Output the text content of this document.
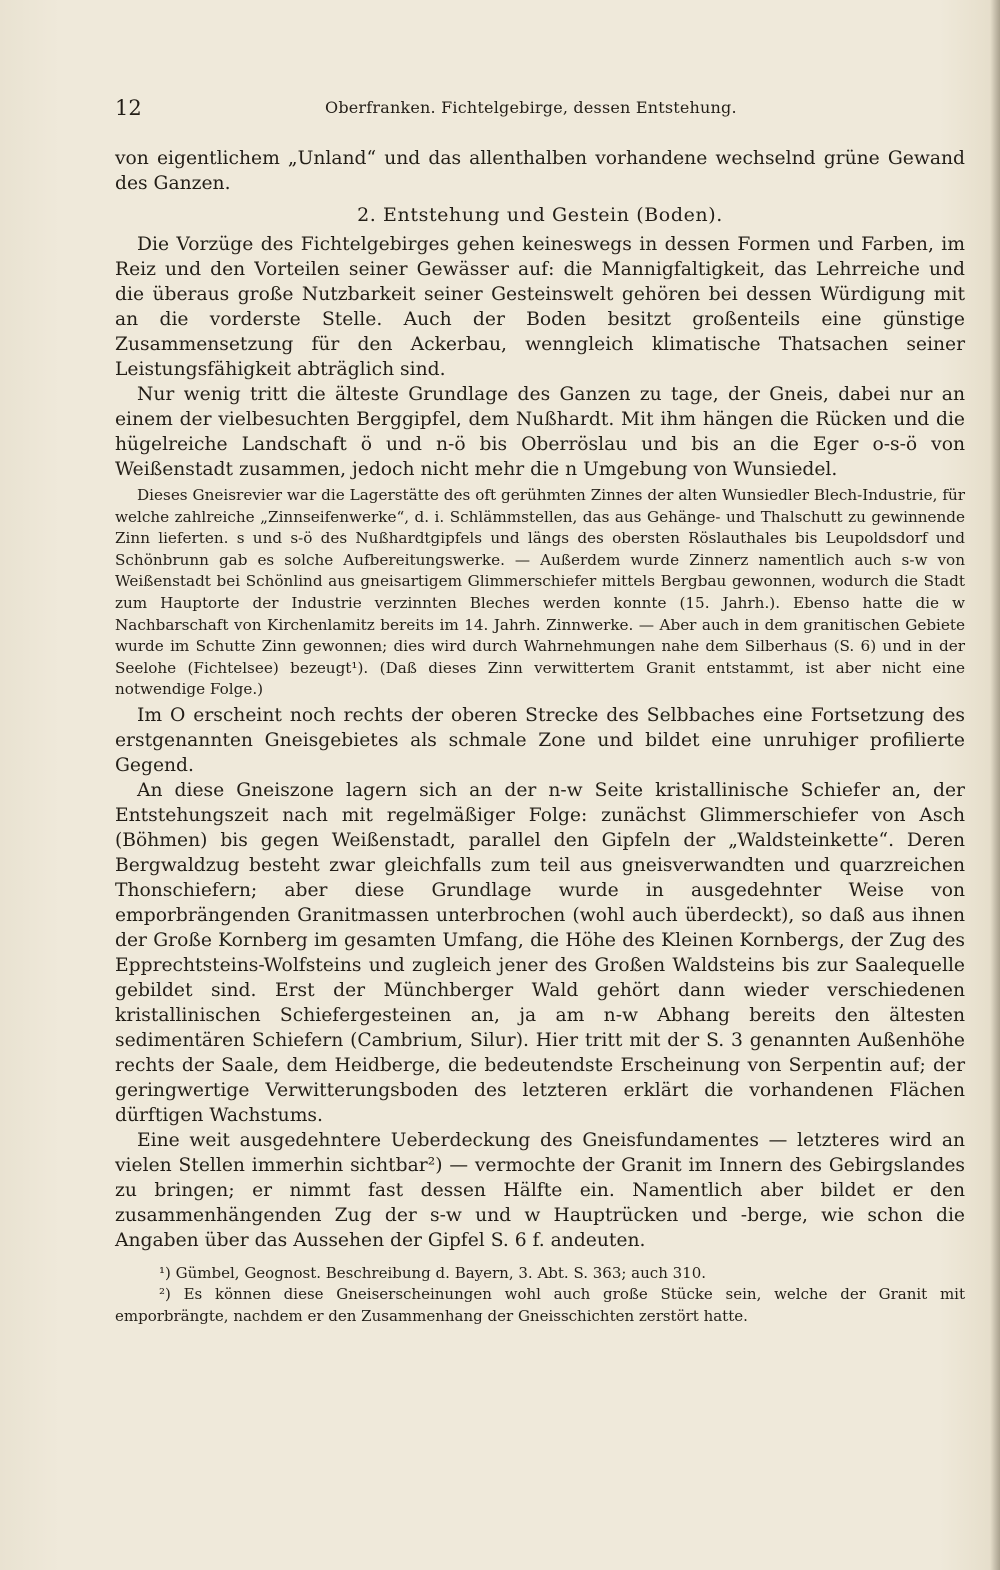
12	Oberfranken. Fichtelgebirge, dessen Entstehung.

von eigentlichem „Unland“ und das allenthalben vorhandene wechselnd grüne Gewand des Ganzen.

2. Entstehung und Gestein (Boden).

Die Vorzüge des Fichtelgebirges gehen keineswegs in dessen Formen und Farben, im Reiz und den Vorteilen seiner Gewässer auf: die Mannigfaltigkeit, das Lehrreiche und die überaus große Nutzbarkeit seiner Gesteinswelt gehören bei dessen Würdigung mit an die vorderste Stelle. Auch der Boden besitzt großenteils eine günstige Zusammensetzung für den Ackerbau, wenngleich klimatische Thatsachen seiner Leistungsfähigkeit abträglich sind.

Nur wenig tritt die älteste Grundlage des Ganzen zu tage, der Gneis, dabei nur an einem der vielbesuchten Berggipfel, dem Nußhardt. Mit ihm hängen die Rücken und die hügelreiche Landschaft ö und n-ö bis Oberröslau und bis an die Eger o-s-ö von Weißenstadt zusammen, jedoch nicht mehr die n Umgebung von Wunsiedel.

Dieses Gneisrevier war die Lagerstätte des oft gerühmten Zinnes der alten Wunsiedler Blech-Industrie, für welche zahlreiche „Zinnseifenwerke“, d. i. Schlämmstellen, das aus Gehänge- und Thalschutt zu gewinnende Zinn lieferten. s und s-ö des Nußhardtgipfels und längs des obersten Röslauthales bis Leupoldsdorf und Schönbrunn gab es solche Aufbereitungswerke. — Außerdem wurde Zinnerz namentlich auch s-w von Weißenstadt bei Schönlind aus gneisartigem Glimmerschiefer mittels Bergbau gewonnen, wodurch die Stadt zum Hauptorte der Industrie verzinnten Bleches werden konnte (15. Jahrh.). Ebenso hatte die w Nachbarschaft von Kirchenlamitz bereits im 14. Jahrh. Zinnwerke. — Aber auch in dem granitischen Gebiete wurde im Schutte Zinn gewonnen; dies wird durch Wahrnehmungen nahe dem Silberhaus (S. 6) und in der Seelohe (Fichtelsee) bezeugt¹). (Daß dieses Zinn verwittertem Granit entstammt, ist aber nicht eine notwendige Folge.)

Im O erscheint noch rechts der oberen Strecke des Selbbaches eine Fortsetzung des erstgenannten Gneisgebietes als schmale Zone und bildet eine unruhiger profilierte Gegend.

An diese Gneiszone lagern sich an der n-w Seite kristallinische Schiefer an, der Entstehungszeit nach mit regelmäßiger Folge: zunächst Glimmerschiefer von Asch (Böhmen) bis gegen Weißenstadt, parallel den Gipfeln der „Waldsteinkette“. Deren Bergwaldzug besteht zwar gleichfalls zum teil aus gneisverwandten und quarzreichen Thonschiefern; aber diese Grundlage wurde in ausgedehnter Weise von emporbrängenden Granitmassen unterbrochen (wohl auch überdeckt), so daß aus ihnen der Große Kornberg im gesamten Umfang, die Höhe des Kleinen Kornbergs, der Zug des Epprechtsteins-Wolfsteins und zugleich jener des Großen Waldsteins bis zur Saalequelle gebildet sind. Erst der Münchberger Wald gehört dann wieder verschiedenen kristallinischen Schiefergesteinen an, ja am n-w Abhang bereits den ältesten sedimentären Schiefern (Cambrium, Silur). Hier tritt mit der S. 3 genannten Außenhöhe rechts der Saale, dem Heidberge, die bedeutendste Erscheinung von Serpentin auf; der geringwertige Verwitterungsboden des letzteren erklärt die vorhandenen Flächen dürftigen Wachstums.

Eine weit ausgedehntere Ueberdeckung des Gneisfundamentes — letzteres wird an vielen Stellen immerhin sichtbar²) — vermochte der Granit im Innern des Gebirgslandes zu bringen; er nimmt fast dessen Hälfte ein. Namentlich aber bildet er den zusammenhängenden Zug der s-w und w Hauptrücken und -berge, wie schon die Angaben über das Aussehen der Gipfel S. 6 f. andeuten.

¹) Gümbel, Geognost. Beschreibung d. Bayern, 3. Abt. S. 363; auch 310.

²) Es können diese Gneiserscheinungen wohl auch große Stücke sein, welche der Granit mit emporbrängte, nachdem er den Zusammenhang der Gneisschichten zerstört hatte.
